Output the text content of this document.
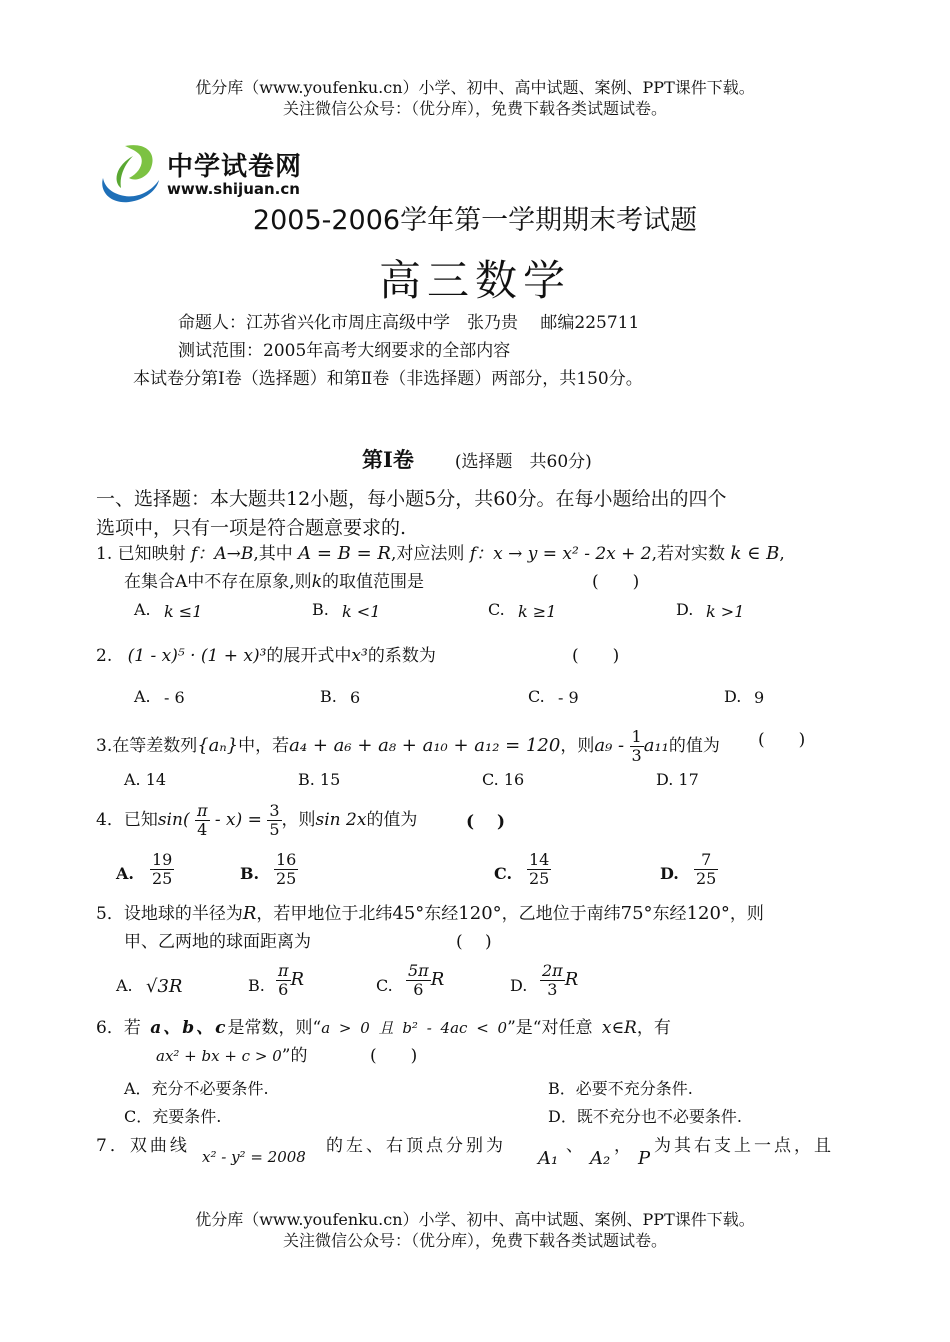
优分库（www.youfenku.cn）小学、初中、高中试题、案例、PPT课件下载。
关注微信公众号：（优分库），免费下载各类试题试卷。
中学试卷网
www.shijuan.cn
2005-2006学年第一学期期末考试题
高三数学
命题人：江苏省兴化市周庄高级中学　张乃贵　 邮编225711
测试范围：2005年高考大纲要求的全部内容
本试卷分第Ⅰ卷（选择题）和第Ⅱ卷（非选择题）两部分，共150分。
第Ⅰ卷 (选择题　共60分)
一、选择题：本大题共12小题，每小题5分，共60分。在每小题给出的四个
选项中，只有一项是符合题意要求的.
1. 已知映射 f：A→B,其中 A = B = R,对应法则 f：x → y = x² - 2x + 2,若对实数 k ∈ B,
在集合A中不存在原象,则k的取值范围是	(　　)
A. k ≤1	B. k <1	C. k ≥1	D. k >1
2. (1 - x)⁵ · (1 + x)³的展开式中x³的系数为	(　　)
A. - 6	B. 6	C. - 9	D. 9
3.在等差数列{aₙ}中，若a₄ + a₆ + a₈ + a₁₀ + a₁₂ = 120，则$a_9 - \frac{1}{3} a_{11}$的值为 (　　)
A. 14	B. 15	C. 16	D. 17
4．已知$\sin( \frac{\pi}{4} - x) = \frac{3}{5}$ ，则sin 2x的值为	(　 )
A. $\frac{19}{25}$	B. $\frac{16}{25}$	C. $\frac{14}{25}$	D. $\frac{7}{25}$
5．设地球的半径为R，若甲地位于北纬45°东经120°，乙地位于南纬75°东经120°，则
甲、乙两地的球面距离为	(　 )
A. √3R	B. $\frac{\pi}{6}$ R	C. $\frac{5\pi}{6}$ R	D. $\frac{2\pi}{3}$ R
6．若 a、b、c是常数，则“a > 0 且 b² - 4ac < 0”是“对任意 x∈R，有
ax² + bx + c > 0”的	(　　)
A．充分不必要条件.	B．必要不充分条件.
C．充要条件.	D．既不充分也不必要条件.
7．双曲线
x² - y² = 2008
的左、右顶点分别为
A₁
、
A₂
，
P
为其右支上一点，且
优分库（www.youfenku.cn）小学、初中、高中试题、案例、PPT课件下载。
关注微信公众号：（优分库），免费下载各类试题试卷。
